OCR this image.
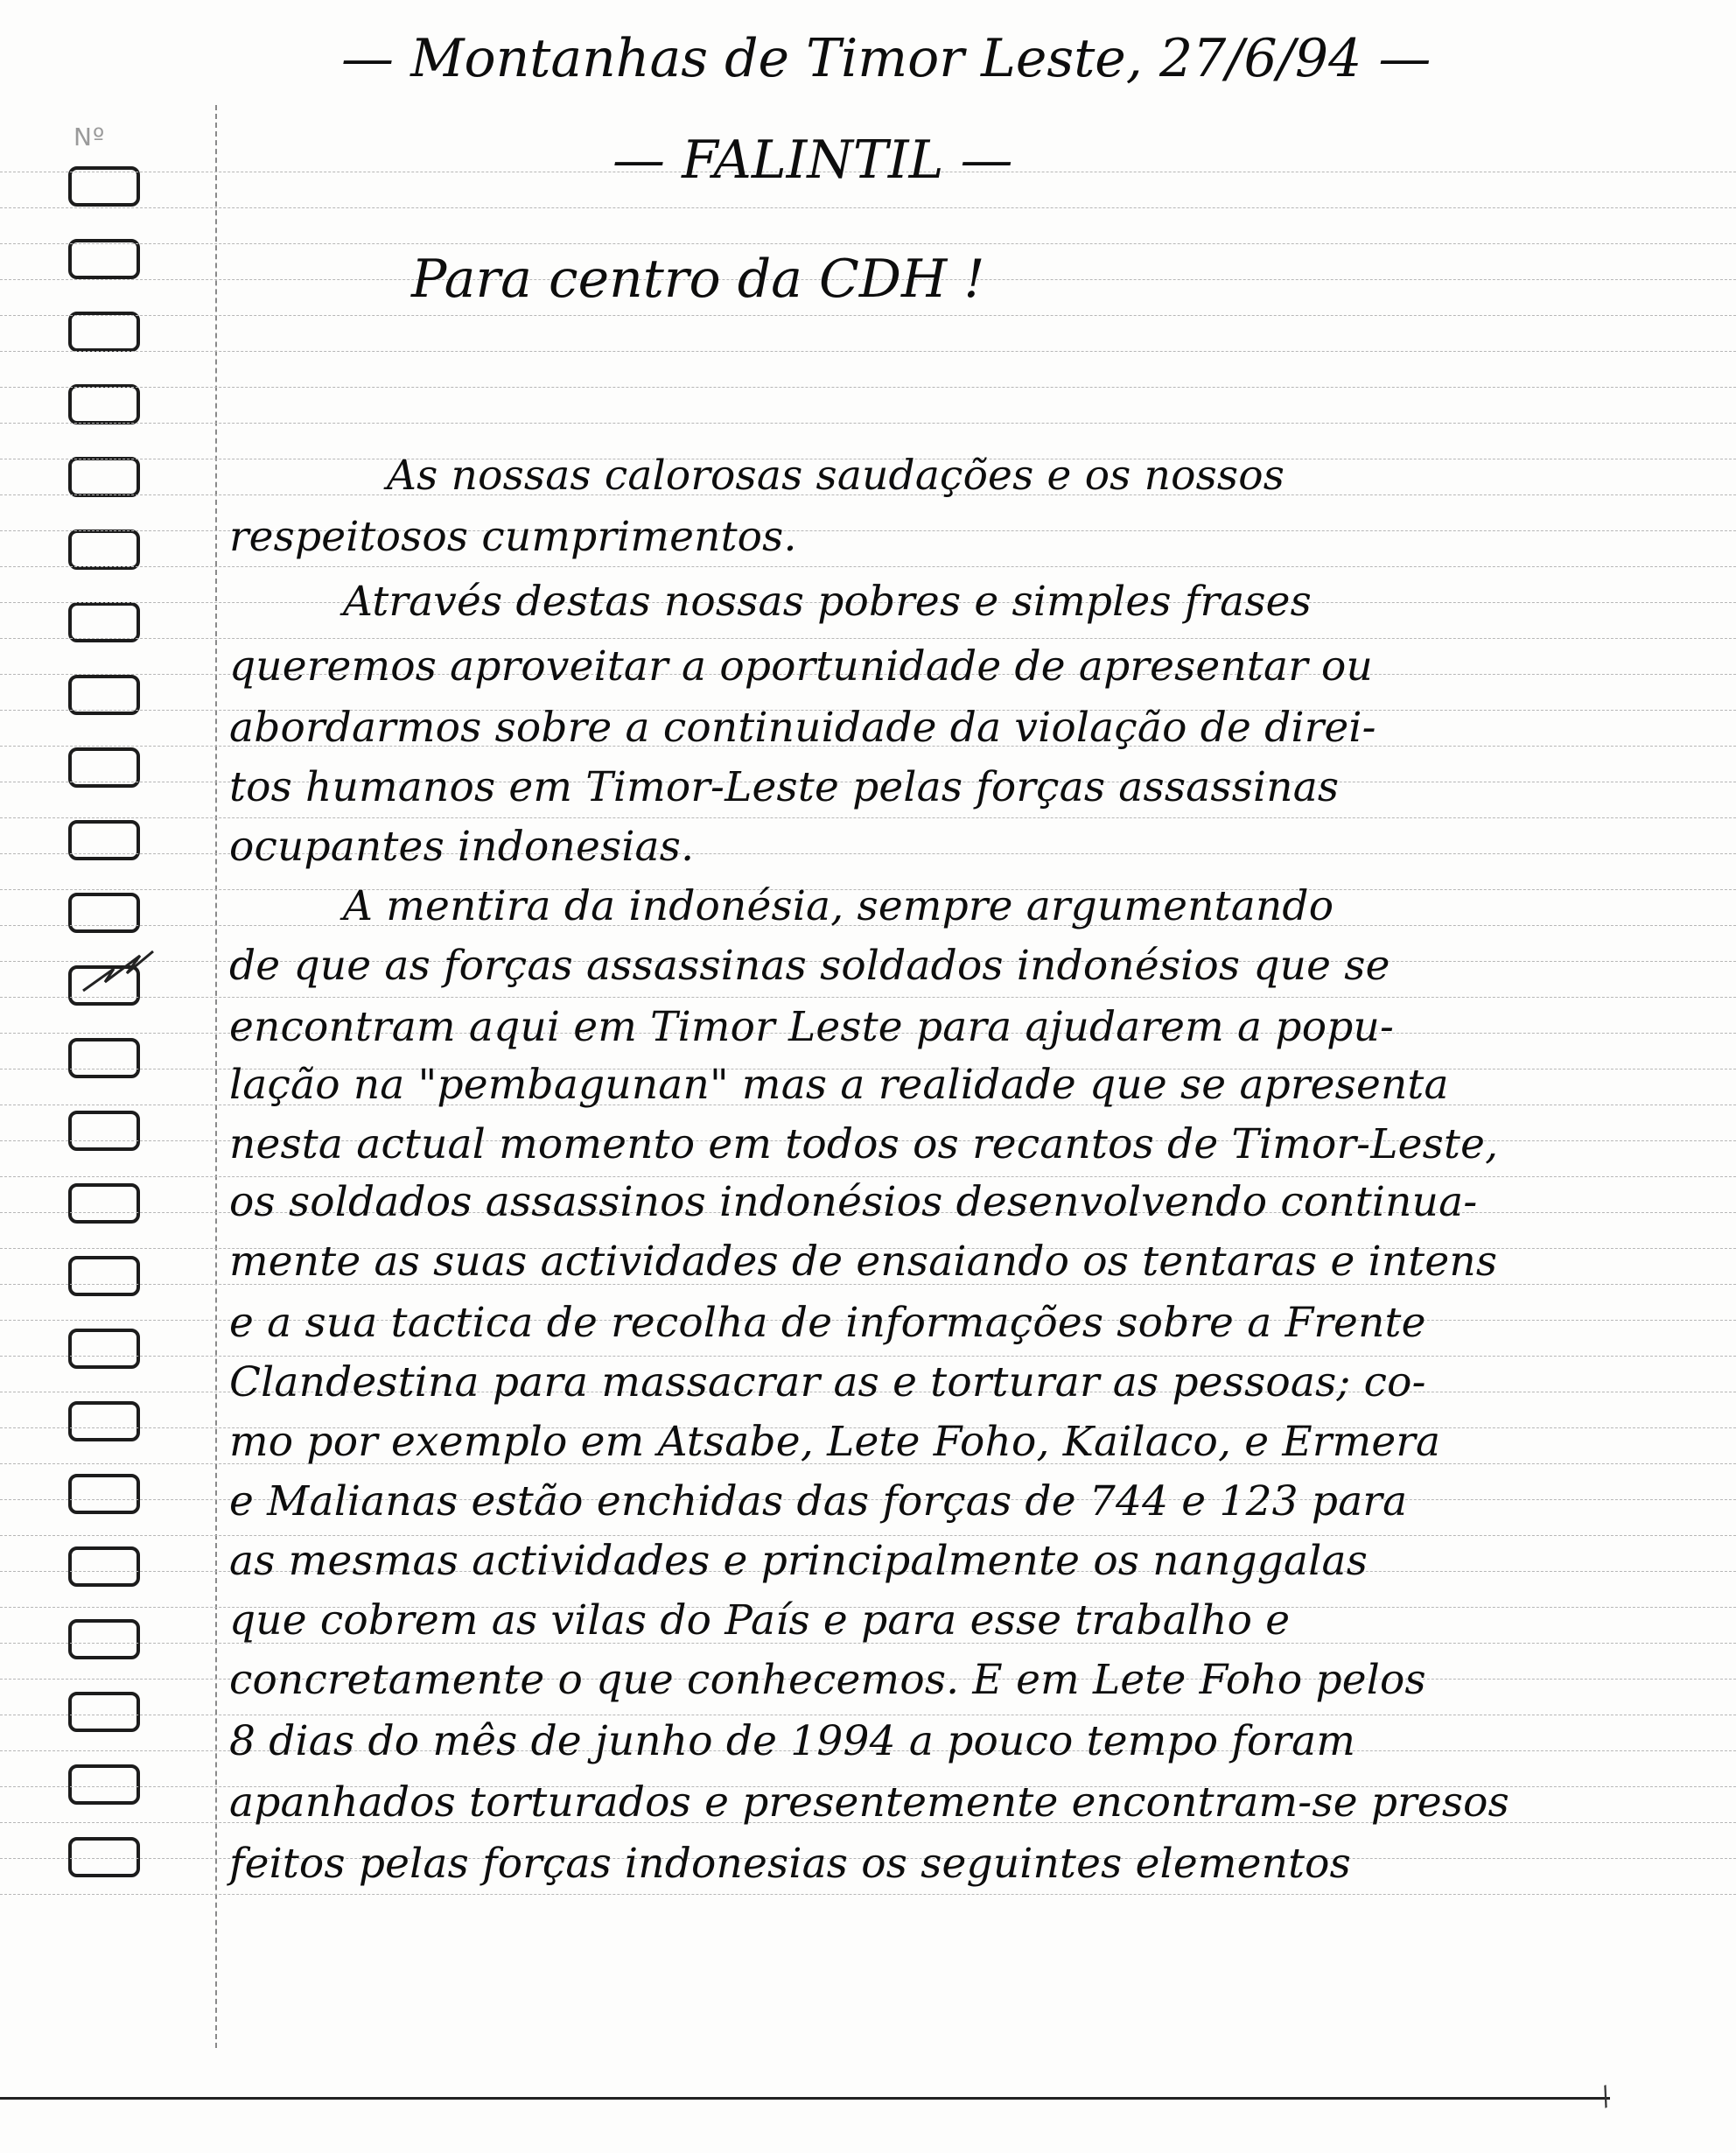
Nº
— Montanhas de Timor Leste, 27/6/94 —
— FALINTIL —
Para centro da CDH !
As nossas calorosas saudações e os nossos
respeitosos cumprimentos.
Através destas nossas pobres e simples frases
queremos aproveitar a oportunidade de apresentar ou
abordarmos sobre a continuidade da violação de direi-
tos humanos em Timor-Leste pelas forças assassinas
ocupantes indonesias.
A mentira da indonésia, sempre argumentando
de que as forças assassinas soldados indonésios que se
encontram aqui em Timor Leste para ajudarem a popu-
lação na "pembagunan" mas a realidade que se apresenta
nesta actual momento em todos os recantos de Timor-Leste,
os soldados assassinos indonésios desenvolvendo continua-
mente as suas actividades de ensaiando os tentaras e intens
e a sua tactica de recolha de informações sobre a Frente
Clandestina para massacrar as e torturar as pessoas; co-
mo por exemplo em Atsabe, Lete Foho, Kailaco, e Ermera
e Malianas estão enchidas das forças de 744 e 123 para
as mesmas actividades e principalmente os nanggalas
que cobrem as vilas do País e para esse trabalho e
concretamente o que conhecemos. E em Lete Foho pelos
8 dias do mês de junho de 1994 a pouco tempo foram
apanhados torturados e presentemente encontram-se presos
feitos pelas forças indonesias os seguintes elementos
/
